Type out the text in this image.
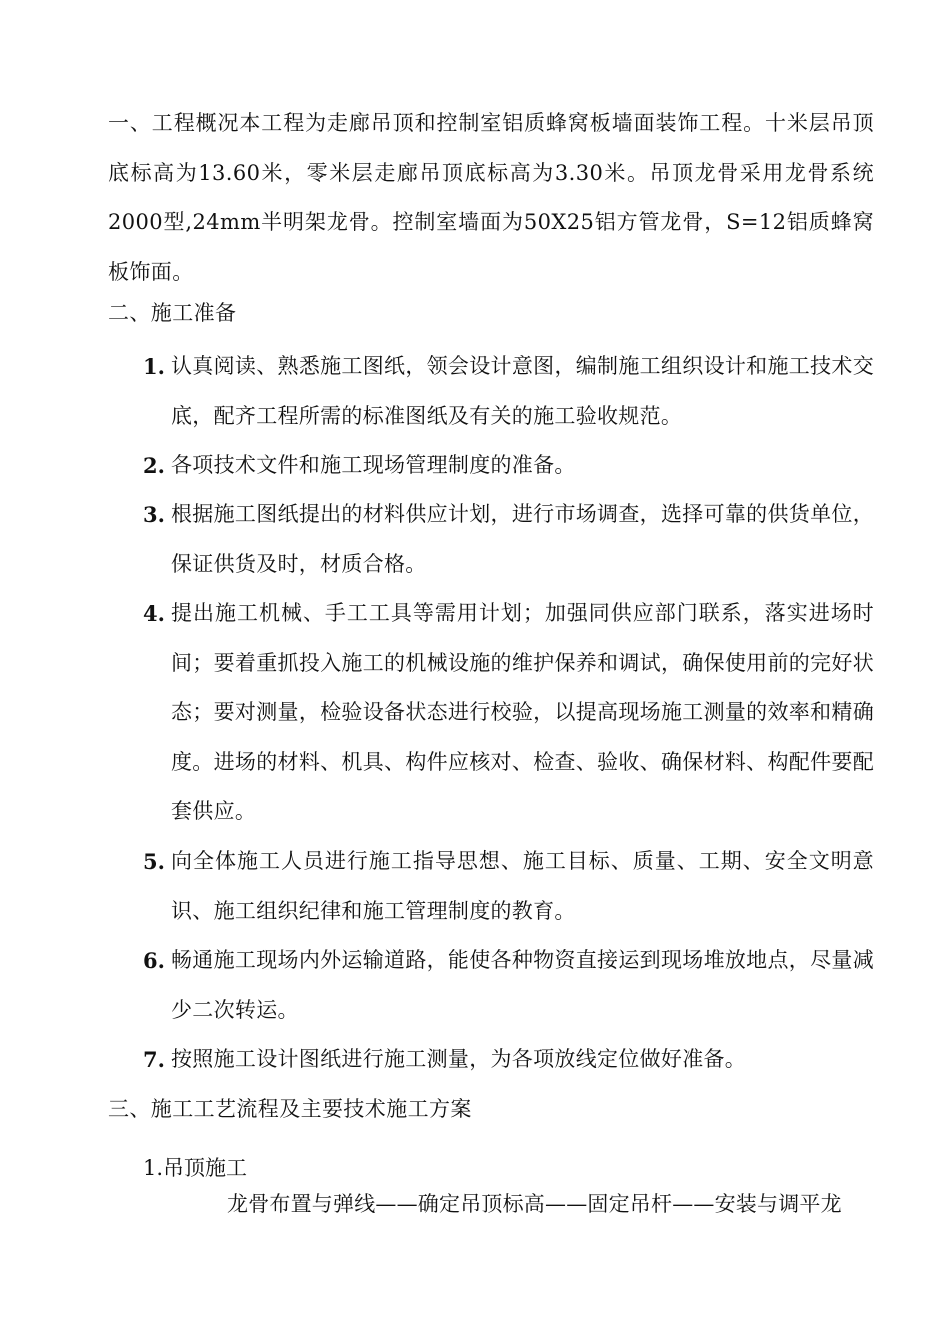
一、工程概况本工程为走廊吊顶和控制室铝质蜂窝板墙面装饰工程。十米层吊顶底标高为13.60米，零米层走廊吊顶底标高为3.30米。吊顶龙骨采用龙骨系统2000型,24mm半明架龙骨。控制室墙面为50X25铝方管龙骨，S=12铝质蜂窝板饰面。

二、施工准备

1. 认真阅读、熟悉施工图纸，领会设计意图，编制施工组织设计和施工技术交底，配齐工程所需的标准图纸及有关的施工验收规范。
2. 各项技术文件和施工现场管理制度的准备。
3. 根据施工图纸提出的材料供应计划，进行市场调查，选择可靠的供货单位，保证供货及时，材质合格。
4. 提出施工机械、手工工具等需用计划；加强同供应部门联系，落实进场时间；要着重抓投入施工的机械设施的维护保养和调试，确保使用前的完好状态；要对测量，检验设备状态进行校验，以提高现场施工测量的效率和精确度。进场的材料、机具、构件应核对、检查、验收、确保材料、构配件要配套供应。
5. 向全体施工人员进行施工指导思想、施工目标、质量、工期、安全文明意识、施工组织纪律和施工管理制度的教育。
6. 畅通施工现场内外运输道路，能使各种物资直接运到现场堆放地点，尽量减少二次转运。
7. 按照施工设计图纸进行施工测量，为各项放线定位做好准备。

三、施工工艺流程及主要技术施工方案

1.吊顶施工

龙骨布置与弹线——确定吊顶标高——固定吊杆——安装与调平龙
